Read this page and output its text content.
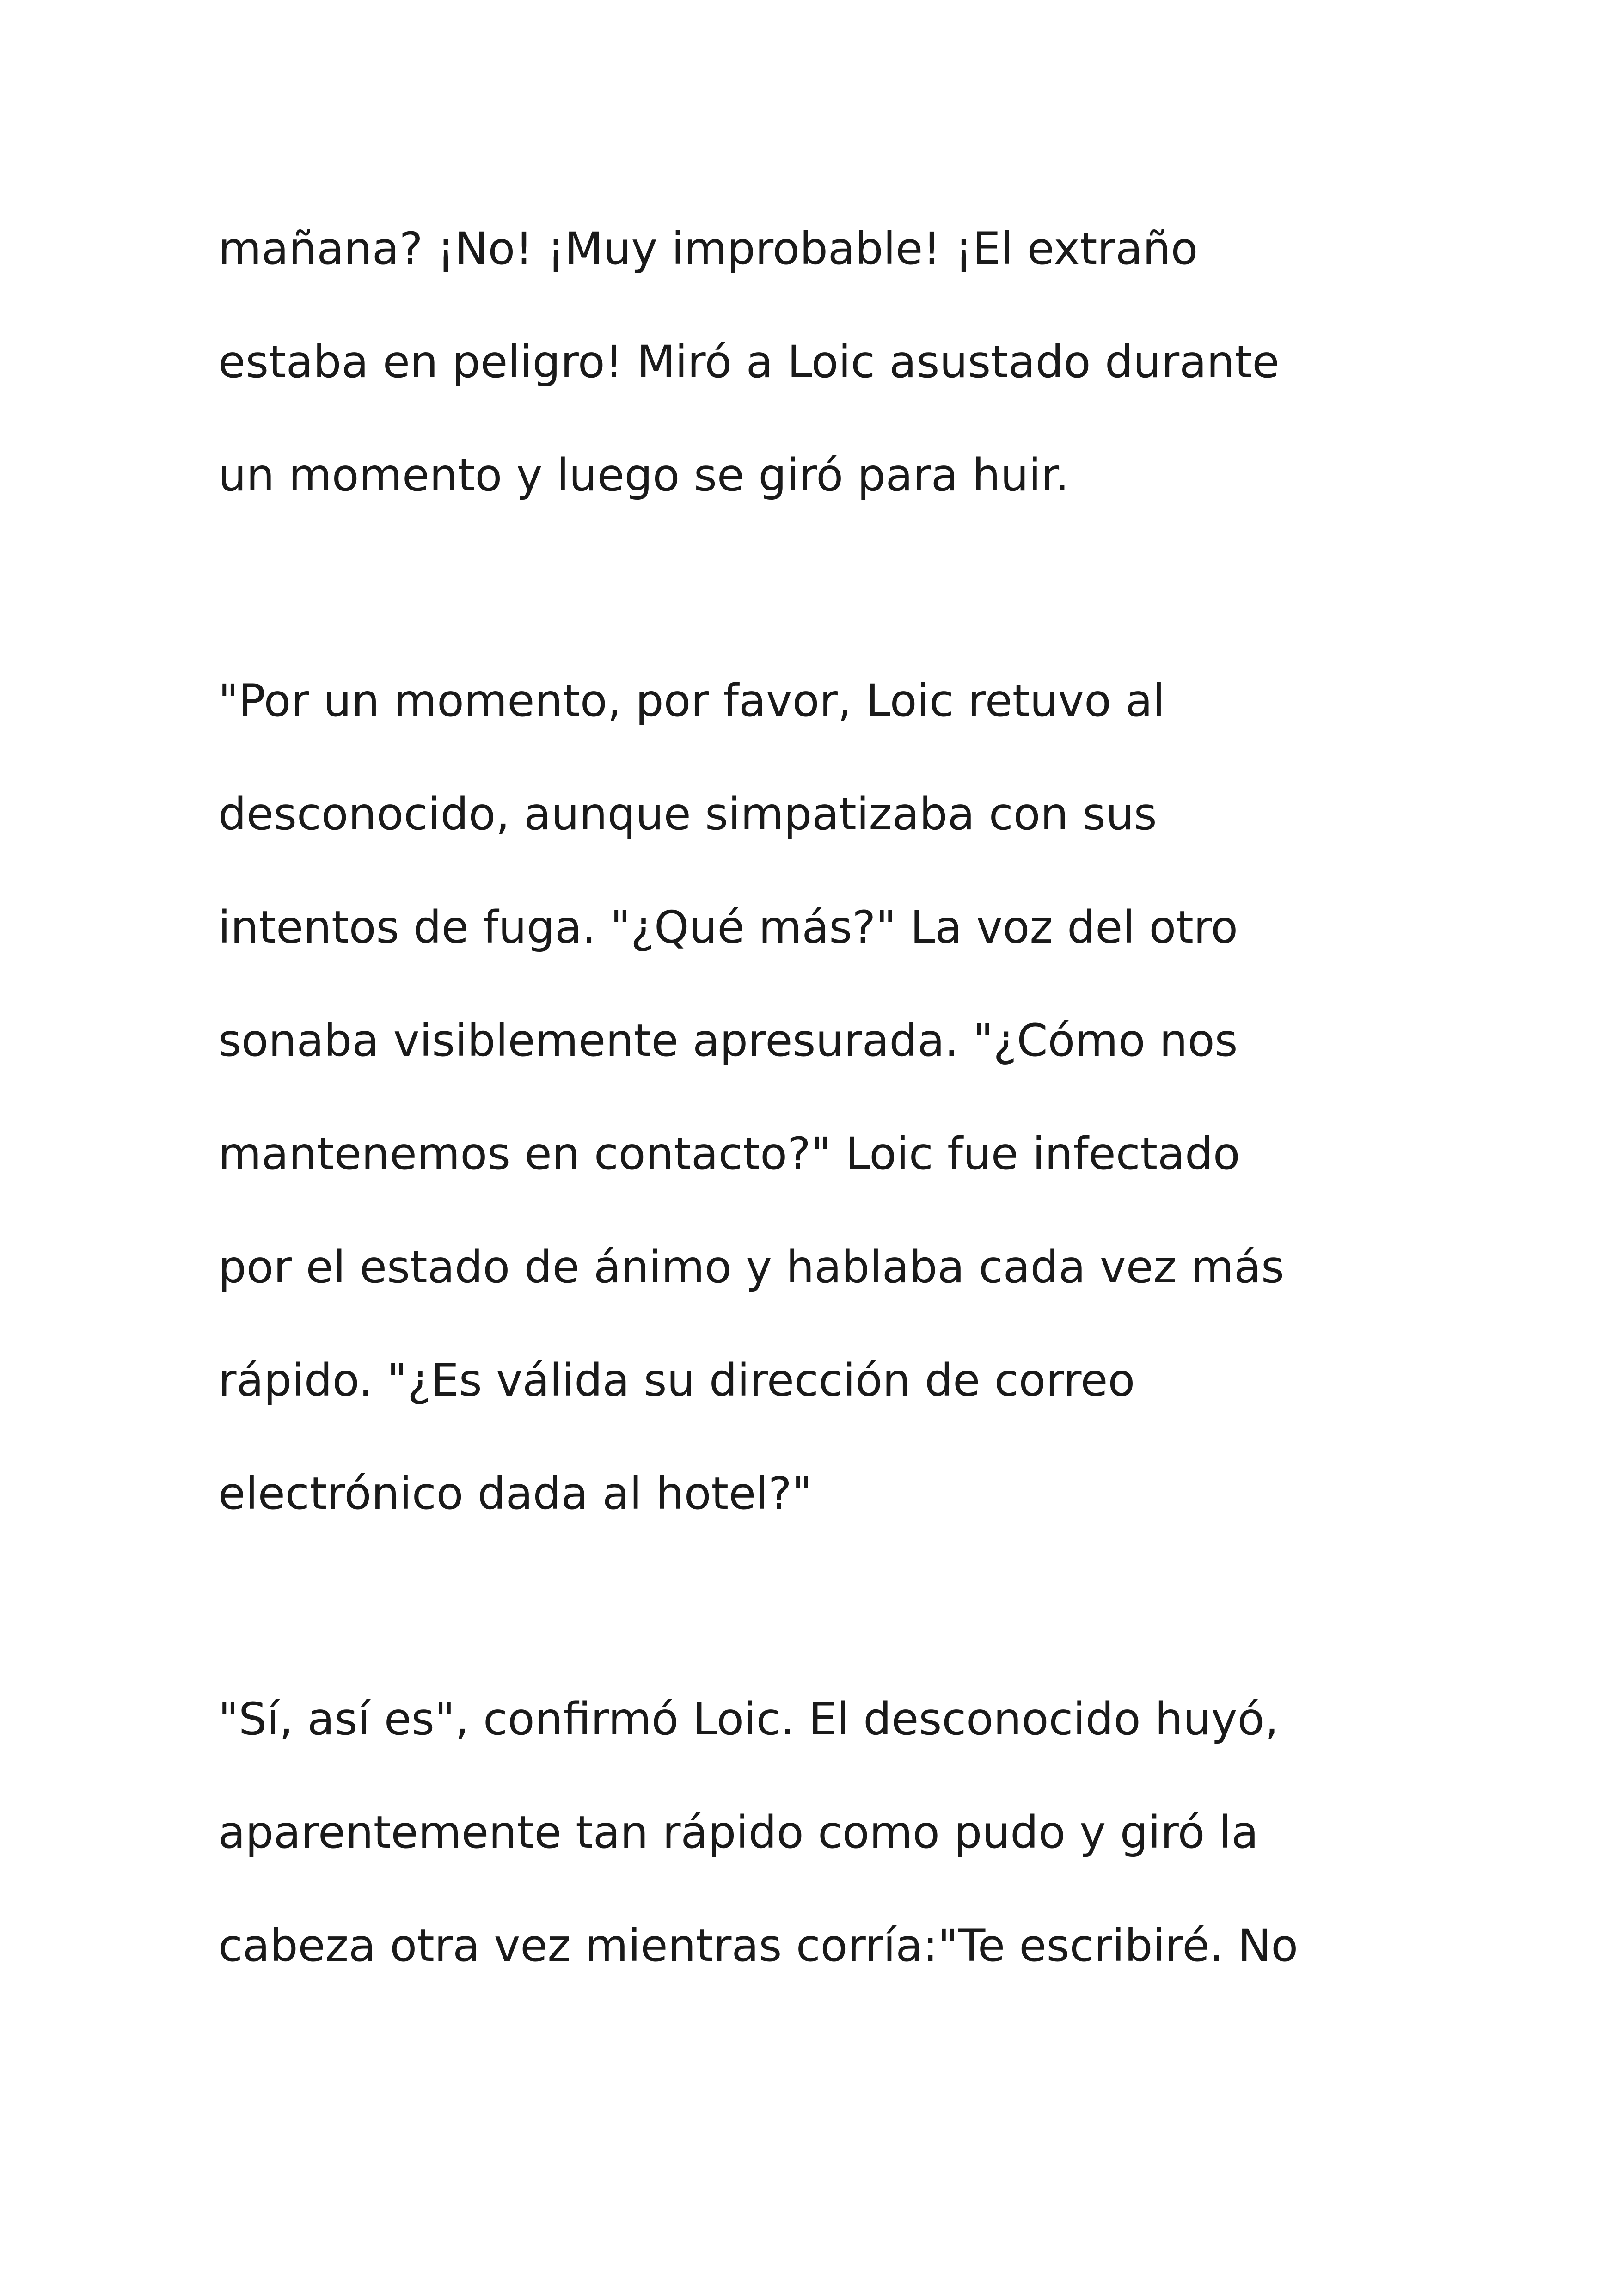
mañana? ¡No! ¡Muy improbable! ¡El extraño

estaba en peligro! Miró a Loic asustado durante

un momento y luego se giró para huir.

"Por un momento, por favor, Loic retuvo al

desconocido, aunque simpatizaba con sus

intentos de fuga. "¿Qué más?" La voz del otro

sonaba visiblemente apresurada. "¿Cómo nos

mantenemos en contacto?" Loic fue infectado

por el estado de ánimo y hablaba cada vez más

rápido. "¿Es válida su dirección de correo

electrónico dada al hotel?"

"Sí, así es", confirmó Loic. El desconocido huyó,

aparentemente tan rápido como pudo y giró la

cabeza otra vez mientras corría:"Te escribiré. No
